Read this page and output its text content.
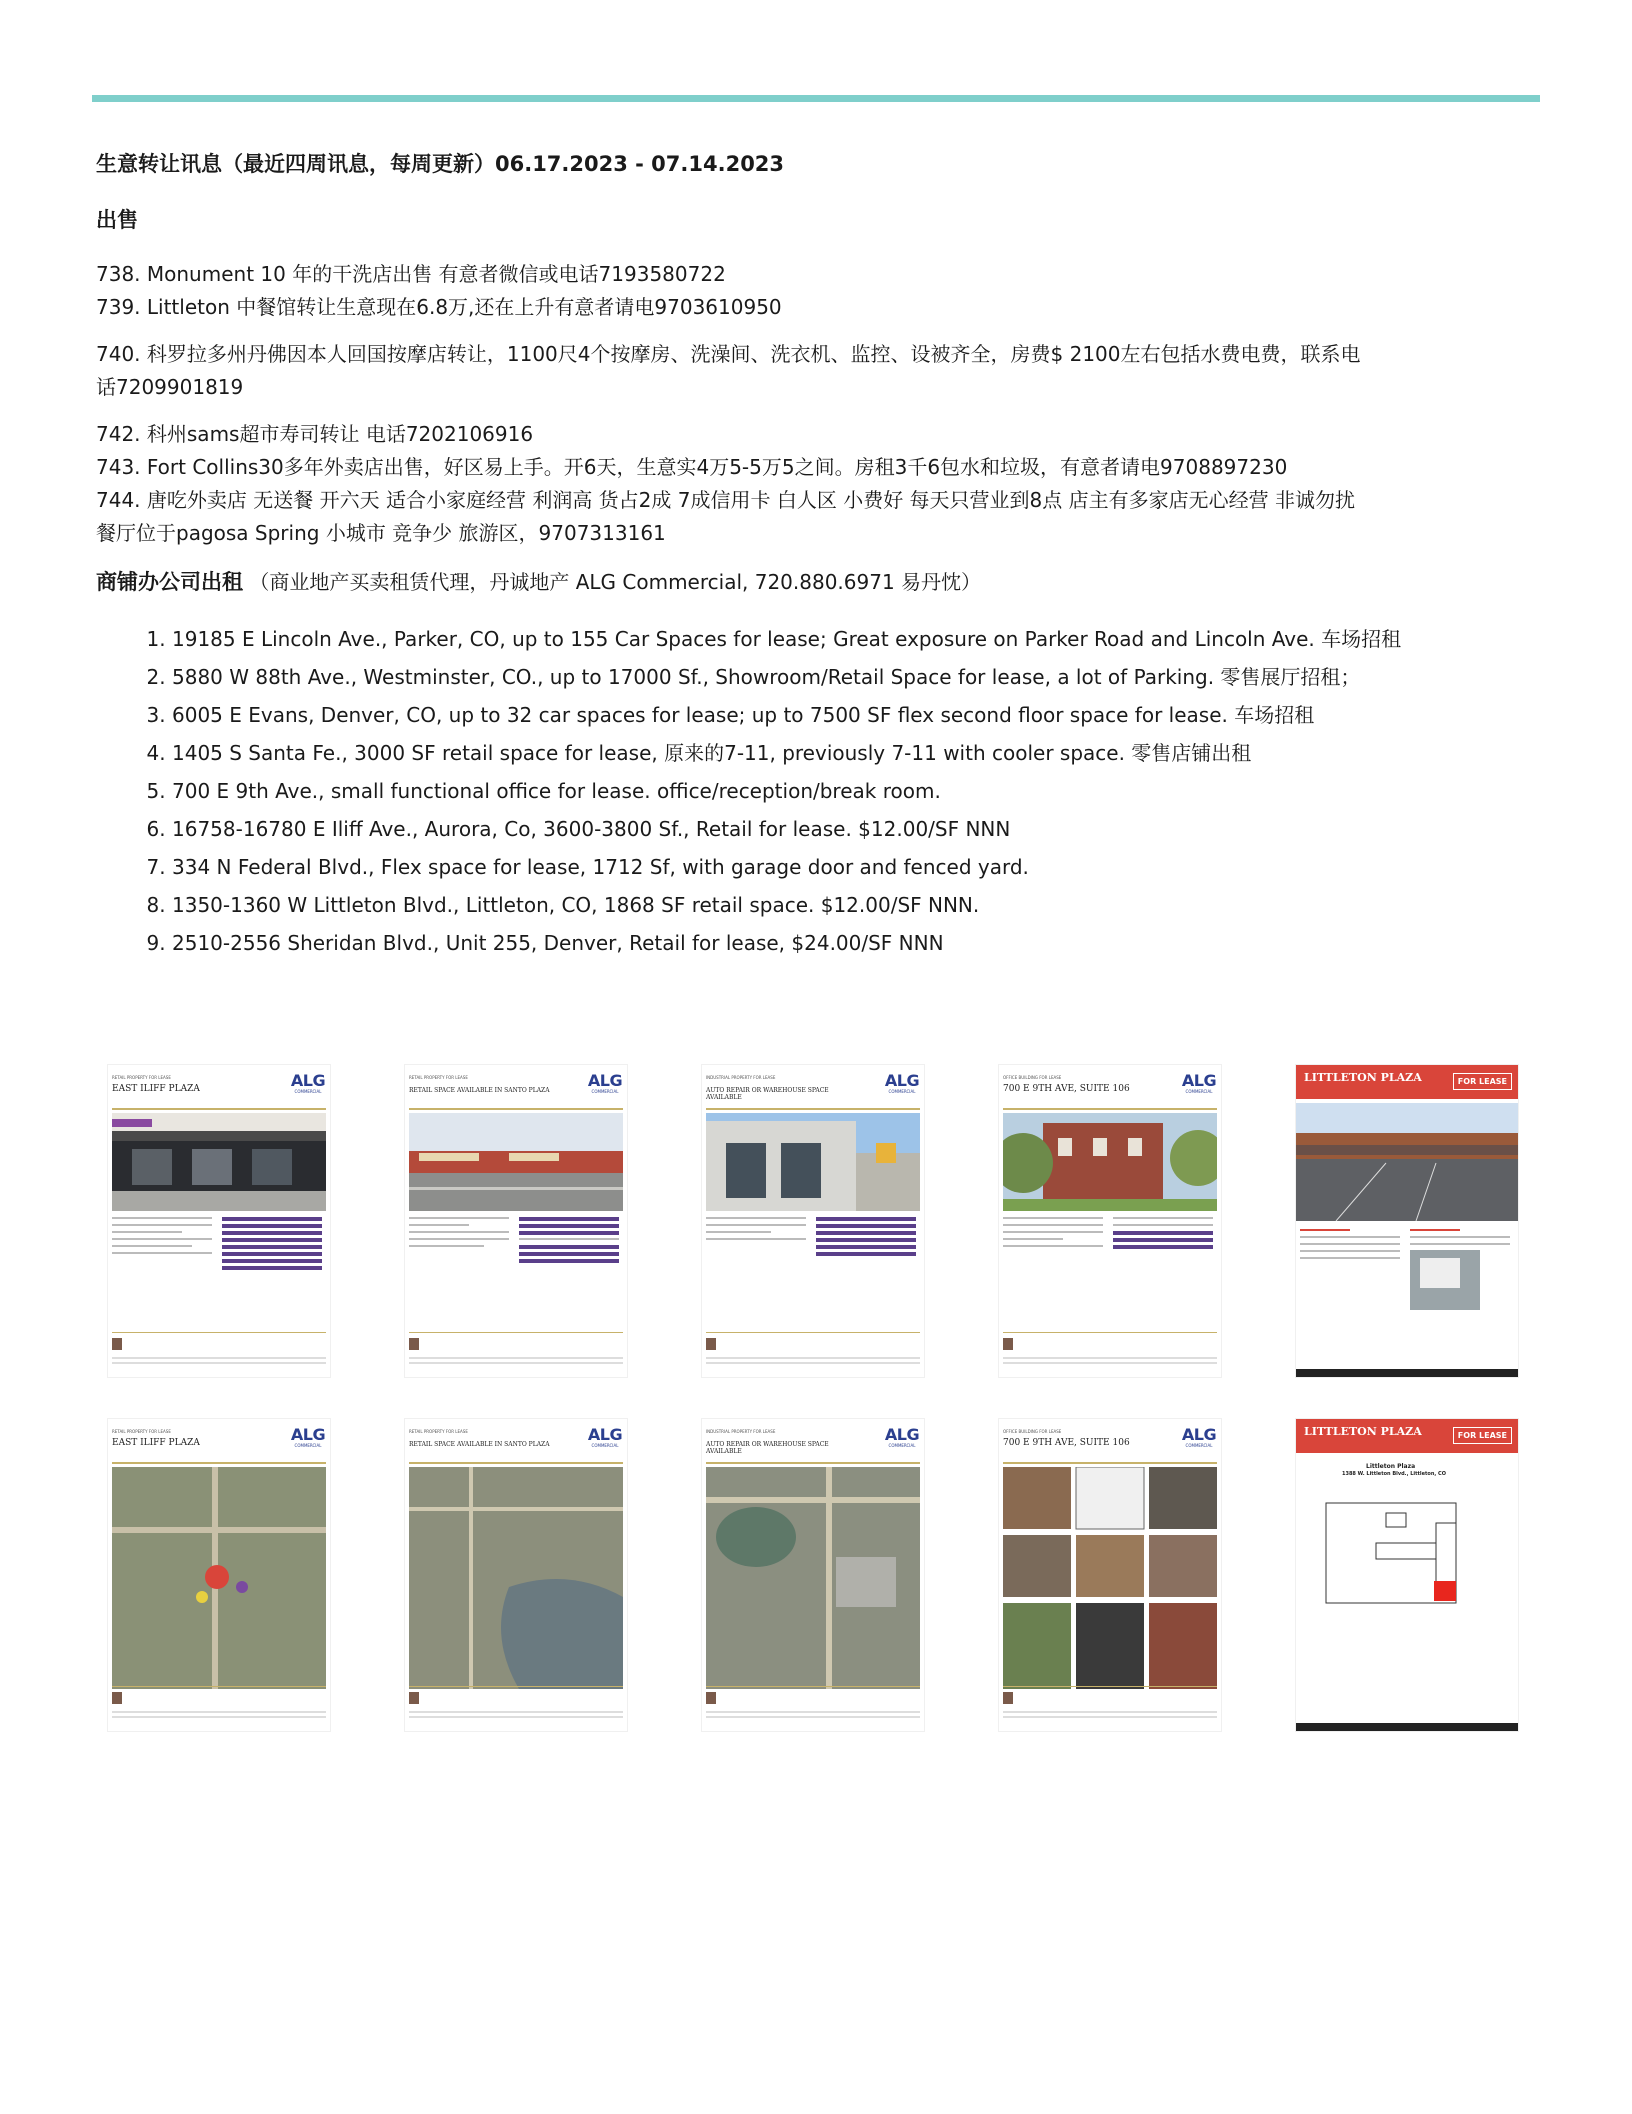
生意转让讯息（最近四周讯息，每周更新）06.17.2023 - 07.14.2023
出售
738. Monument 10 年的干洗店出售 有意者微信或电话7193580722
739. Littleton 中餐馆转让生意现在6.8万,还在上升有意者请电9703610950
740. 科罗拉多州丹佛因本人回国按摩店转让，1100尺4个按摩房、洗澡间、洗衣机、监控、设被齐全，房费$ 2100左右包括水费电费，联系电
话7209901819
742. 科州sams超市寿司转让 电话7202106916
743. Fort Collins30多年外卖店出售，好区易上手。开6天，生意实4万5-5万5之间。房租3千6包水和垃圾，有意者请电9708897230
744. 唐吃外卖店 无送餐 开六天 适合小家庭经营 利润高 货占2成 7成信用卡 白人区 小费好 每天只营业到8点 店主有多家店无心经营 非诚勿扰
餐厅位于pagosa Spring 小城市 竞争少 旅游区，9707313161
商铺办公司出租 （商业地产买卖租赁代理，丹诚地产 ALG Commercial, 720.880.6971 易丹忱）
1. 19185 E Lincoln Ave., Parker, CO, up to 155 Car Spaces for lease; Great exposure on Parker Road and Lincoln Ave. 车场招租
2. 5880 W 88th Ave., Westminster, CO., up to 17000 Sf., Showroom/Retail Space for lease, a lot of Parking. 零售展厅招租；
3. 6005 E Evans, Denver, CO, up to 32 car spaces for lease; up to 7500 SF flex second floor space for lease. 车场招租
4. 1405 S Santa Fe., 3000 SF retail space for lease, 原来的7-11, previously 7-11 with cooler space. 零售店铺出租
5. 700 E 9th Ave., small functional office for lease. office/reception/break room.
6. 16758-16780 E Iliff Ave., Aurora, Co, 3600-3800 Sf., Retail for lease. $12.00/SF NNN
7. 334 N Federal Blvd., Flex space for lease, 1712 Sf, with garage door and fenced yard.
8. 1350-1360 W Littleton Blvd., Littleton, CO, 1868 SF retail space. $12.00/SF NNN.
9. 2510-2556 Sheridan Blvd., Unit 255, Denver, Retail for lease, $24.00/SF NNN
RETAIL PROPERTY FOR LEASE
EAST ILIFF PLAZA	ALG
COMMERCIAL
RETAIL PROPERTY FOR LEASE
RETAIL SPACE AVAILABLE IN SANTO PLAZA
ALG
COMMERCIAL
INDUSTRIAL PROPERTY FOR LEASE
AUTO REPAIR OR WAREHOUSE SPACE AVAILABLE
ALG
COMMERCIAL
OFFICE BUILDING FOR LEASE
700 E 9TH AVE, SUITE 106	ALG
COMMERCIAL
LITTLETON PLAZA	FOR LEASE
RETAIL PROPERTY FOR LEASE
EAST ILIFF PLAZA	ALG
COMMERCIAL
RETAIL PROPERTY FOR LEASE
RETAIL SPACE AVAILABLE IN SANTO PLAZA
ALG
COMMERCIAL
INDUSTRIAL PROPERTY FOR LEASE
AUTO REPAIR OR WAREHOUSE SPACE AVAILABLE
ALG
COMMERCIAL
OFFICE BUILDING FOR LEASE
700 E 9TH AVE, SUITE 106	ALG
COMMERCIAL
LITTLETON PLAZA	FOR LEASE
Littleton Plaza
1388 W. Littleton Blvd., Littleton, CO
